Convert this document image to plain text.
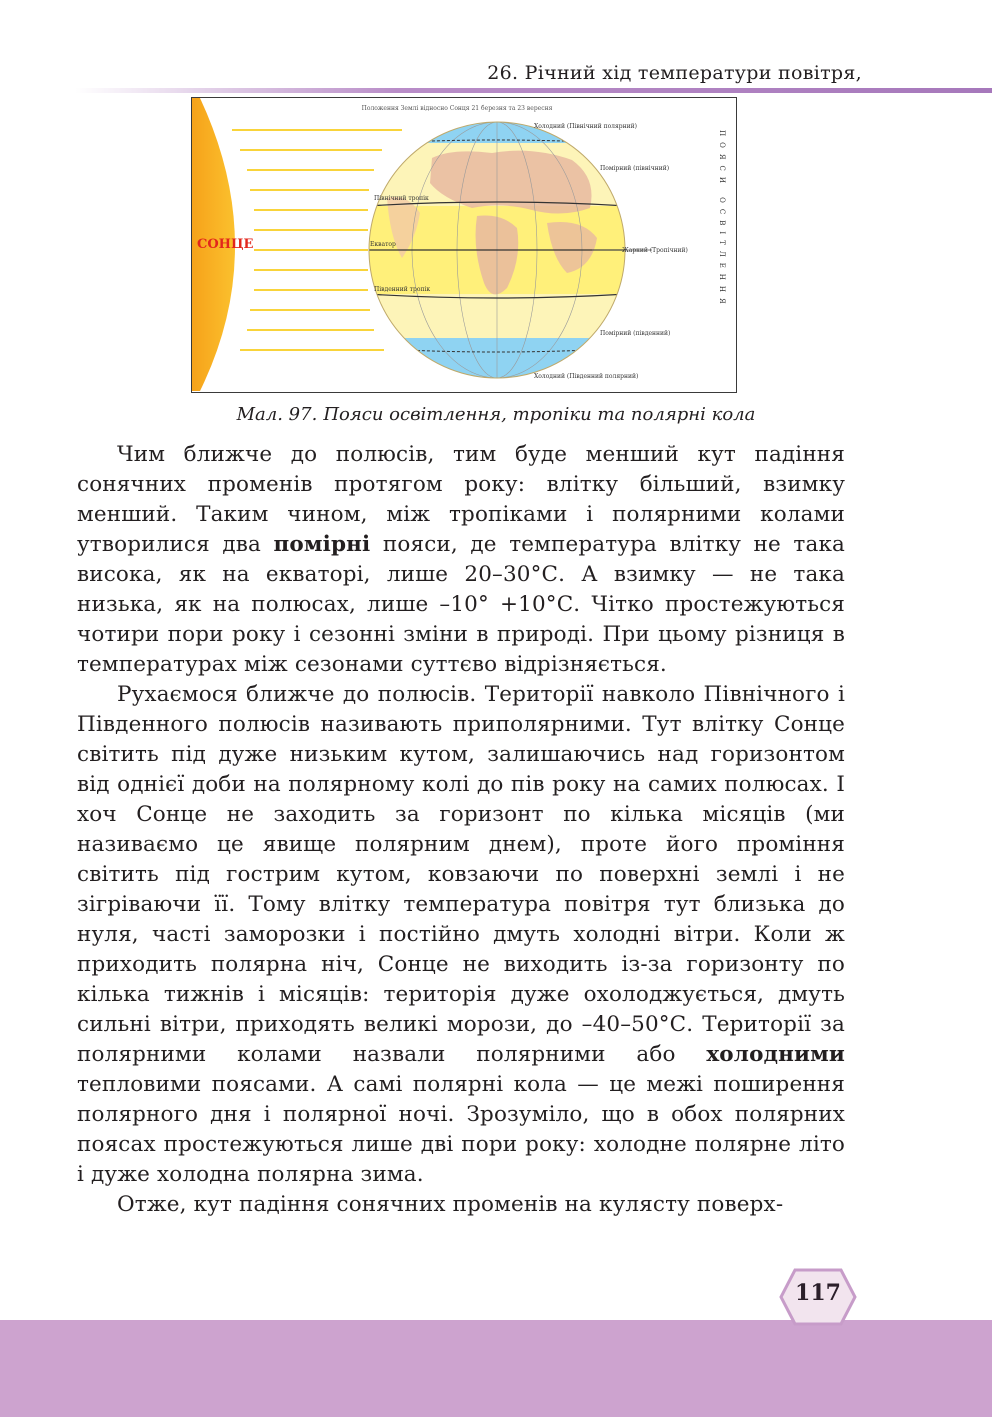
26. Річний хід температури повітря,
Положення Землі відносно Сонця 21 березня та 23 вересня
СОНЦЕ
Північний тропік
Екватор
Південний тропік
Холодний (Північний полярний)
Помірний (північний)
Жаркий (Тропічний)
Помірний (південний)
Холодний (Південний полярний)
ПОЯСИ ОСВІТЛЕННЯ
Мал. 97. Пояси освітлення, тропіки та полярні кола

Чим ближче до полюсів, тим буде менший кут падіння сонячних променів протягом року: влітку більший, взимку менший. Таким чином, між тропіками і полярними колами утворилися два помірні пояси, де температура влітку не така висока, як на екваторі, лише 20–30°С. А взимку — не така низька, як на полюсах, лише –10° +10°С. Чітко простежуються чотири пори року і сезонні зміни в природі. При цьому різниця в температурах між сезонами суттєво відрізняється.

Рухаємося ближче до полюсів. Території навколо Північного і Південного полюсів називають приполярними. Тут влітку Сонце світить під дуже низьким кутом, залишаючись над горизонтом від однієї доби на полярному колі до пів року на самих полюсах. І хоч Сонце не заходить за горизонт по кілька місяців (ми називаємо це явище полярним днем), проте його проміння світить під гострим кутом, ковзаючи по поверхні землі і не зігріваючи її. Тому влітку температура повітря тут близька до нуля, часті заморозки і постійно дмуть холодні вітри. Коли ж приходить полярна ніч, Сонце не виходить із-за горизонту по кілька тижнів і місяців: територія дуже охолоджується, дмуть сильні вітри, приходять великі морози, до –40–50°С. Території за полярними колами назвали полярними або холодними тепловими поясами. А самі полярні кола — це межі поширення полярного дня і полярної ночі. Зрозуміло, що в обох полярних поясах простежуються лише дві пори року: холодне полярне літо і дуже холодна полярна зима.

Отже, кут падіння сонячних променів на кулясту поверх-

117
